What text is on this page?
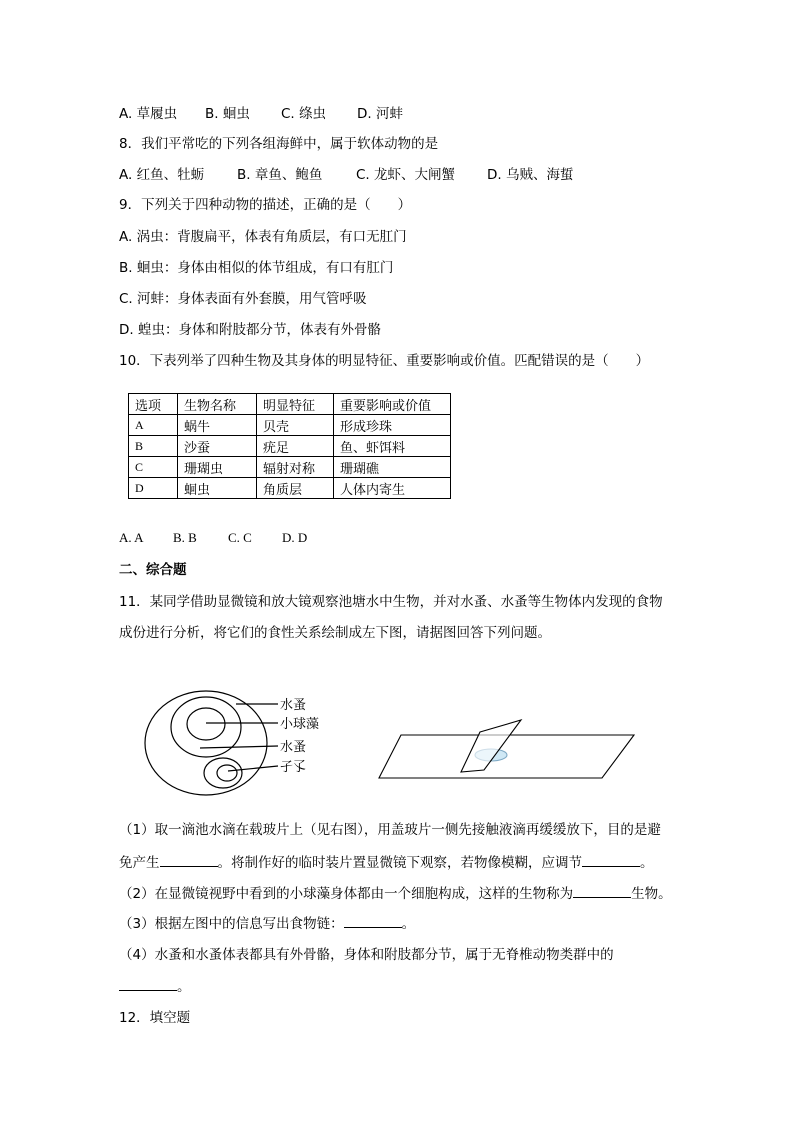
A. 草履虫 B. 蛔虫 C. 绦虫 D. 河蚌
8．我们平常吃的下列各组海鲜中，属于软体动物的是
A. 红鱼、牡蛎 B. 章鱼、鲍鱼 C. 龙虾、大闸蟹 D. 乌贼、海蜇
9．下列关于四种动物的描述，正确的是（　　）
A. 涡虫：背腹扁平，体表有角质层，有口无肛门
B. 蛔虫：身体由相似的体节组成，有口有肛门
C. 河蚌：身体表面有外套膜，用气管呼吸
D. 蝗虫：身体和附肢都分节，体表有外骨骼
10．下表列举了四种生物及其身体的明显特征、重要影响或价值。匹配错误的是（　　）
选项	生物名称	明显特征	重要影响或价值
A	蜗牛	贝壳	形成珍珠
B	沙蚕	疣足	鱼、虾饵料
C	珊瑚虫	辐射对称	珊瑚礁
D	蛔虫	角质层	人体内寄生
A. A B. B C. C D. D
二、综合题
11．某同学借助显微镜和放大镜观察池塘水中生物，并对水蚤、水蚤等生物体内发现的食物
成份进行分析，将它们的食性关系绘制成左下图，请据图回答下列问题。
水蚤
小球藻
水蚤
孑孓
（1）取一滴池水滴在载玻片上（见右图），用盖玻片一侧先接触液滴再缓缓放下，目的是避
免产生	。将制作好的临时装片置显微镜下观察，若物像模糊，应调节	。
（2）在显微镜视野中看到的小球藻身体都由一个细胞构成，这样的生物称为	生物。
（3）根据左图中的信息写出食物链：	。
（4）水蚤和水蚤体表都具有外骨骼，身体和附肢都分节，属于无脊椎动物类群中的
。
12．填空题
